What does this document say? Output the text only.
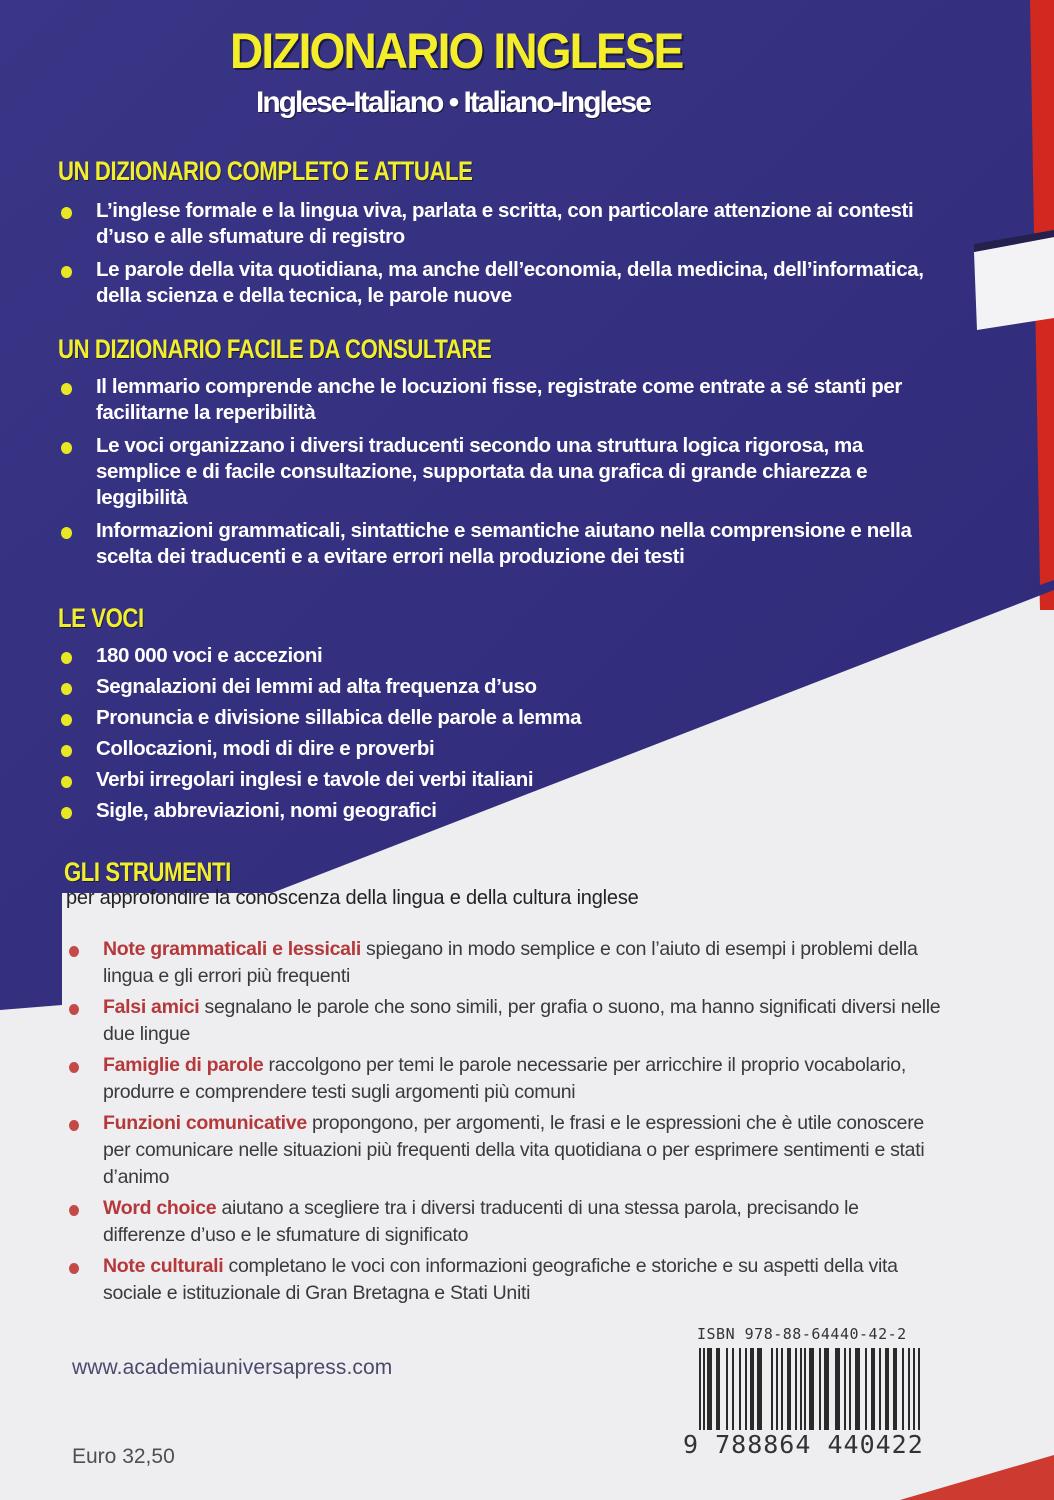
DIZIONARIO INGLESE
Inglese-Italiano • Italiano-Inglese
UN DIZIONARIO COMPLETO E ATTUALE
L’inglese formale e la lingua viva, parlata e scritta, con particolare attenzione ai contesti d’uso e alle sfumature di registro
Le parole della vita quotidiana, ma anche dell’economia, della medicina, dell’informatica, della scienza e della tecnica, le parole nuove
UN DIZIONARIO FACILE DA CONSULTARE
Il lemmario comprende anche le locuzioni fisse, registrate come entrate a sé stanti per facilitarne la reperibilità
Le voci organizzano i diversi traducenti secondo una struttura logica rigorosa, ma semplice e di facile consultazione, supportata da una grafica di grande chiarezza e leggibilità
Informazioni grammaticali, sintattiche e semantiche aiutano nella comprensione e nella scelta dei traducenti e a evitare errori nella produzione dei testi
LE VOCI
180 000 voci e accezioni
Segnalazioni dei lemmi ad alta frequenza d’uso
Pronuncia e divisione sillabica delle parole a lemma
Collocazioni, modi di dire e proverbi
Verbi irregolari inglesi e tavole dei verbi italiani
Sigle, abbreviazioni, nomi geografici
GLI STRUMENTI
per approfondire la conoscenza della lingua e della cultura inglese
Note grammaticali e lessicali spiegano in modo semplice e con l’aiuto di esempi i problemi della lingua e gli errori più frequenti
Falsi amici segnalano le parole che sono simili, per grafia o suono, ma hanno significati diversi nelle due lingue
Famiglie di parole raccolgono per temi le parole necessarie per arricchire il proprio vocabolario, produrre e comprendere testi sugli argomenti più comuni
Funzioni comunicative propongono, per argomenti, le frasi e le espressioni che è utile conoscere per comunicare nelle situazioni più frequenti della vita quotidiana o per esprimere sentimenti e stati d’animo
Word choice aiutano a scegliere tra i diversi traducenti di una stessa parola, precisando le differenze d’uso e le sfumature di significato
Note culturali completano le voci con informazioni geografiche e storiche e su aspetti della vita sociale e istituzionale di Gran Bretagna e Stati Uniti
www.academiauniversapress.com
Euro 32,50
ISBN 978-88-64440-42-2
9 788864 440422
